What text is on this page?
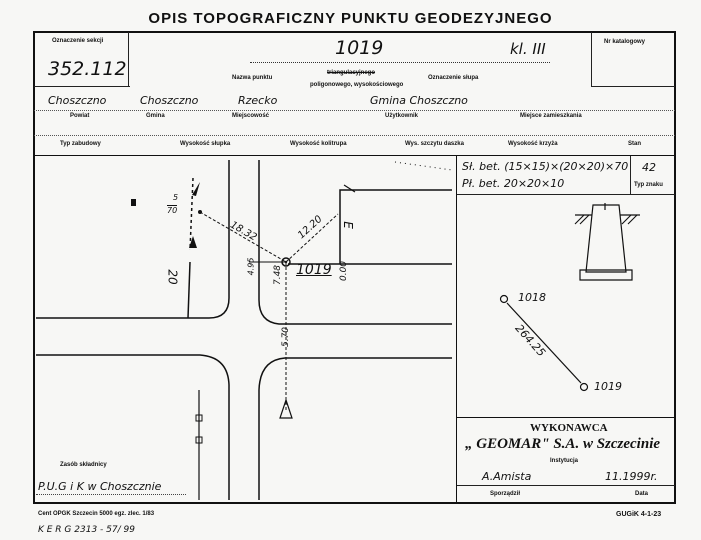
OPIS TOPOGRAFICZNY PUNKTU GEODEZYJNEGO
Oznaczenie sekcji
352.112
1019	kl. III	Nr katalogowy
Nazwa punktu
triangulacyjnego
poligonowego, wysokościowego
Oznaczenie słupa
Choszczno	Choszczno	Rzecko	Gmina Choszczno
Powiat	Gmina	Miejscowość	Użytkownik	Miejsce zamieszkania
Typ zabudowy	Wysokość słupka	Wysokość kolitrupa	Wys. szczytu daszka	Wysokość krzyża	Stan
Sł. bet. (15×15)×(20×20)×70
Pł. bet. 20×20×10
42
Typ znaku
1019
18.32	12.20
7.48
4.95
5.70
0.00
20
E
5
70
1018
1019
264.25
WYKONAWCA
„ GEOMAR" S.A. w Szczecinie
Instytucja
A.Amista	11.1999r.
Sporządził	Data
Zasób składnicy
P.U.G i K w Choszcznie
Cent OPGK Szczecin 5000 egz. zlec. 1/83	GUGiK 4-1-23
K E R G 2313 - 57/ 99
